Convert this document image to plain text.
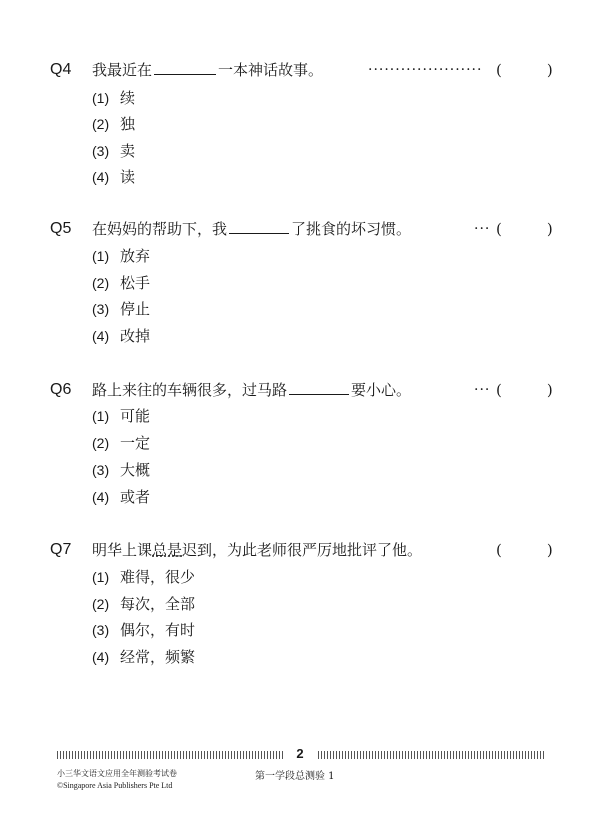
Q4 我最近在	一本神话故事。	····················· (　　　)
(1) 续
(2) 独
(3) 卖
(4) 读
Q5 在妈妈的帮助下，我	了挑食的坏习惯。	··· (　　　)
(1) 放弃
(2) 松手
(3) 停止
(4) 改掉
Q6 路上来往的车辆很多，过马路	要小心。	··· (　　　)
(1) 可能
(2) 一定
(3) 大概
(4) 或者
Q7 明华上课总是迟到，为此老师很严厉地批评了他。	(　　　)
(1) 难得，很少
(2) 每次，全部
(3) 偶尔，有时
(4) 经常，频繁
2
小三华文语文应用全年测验考试卷
©Singapore Asia Publishers Pte Ltd
第一学段总测验 1
